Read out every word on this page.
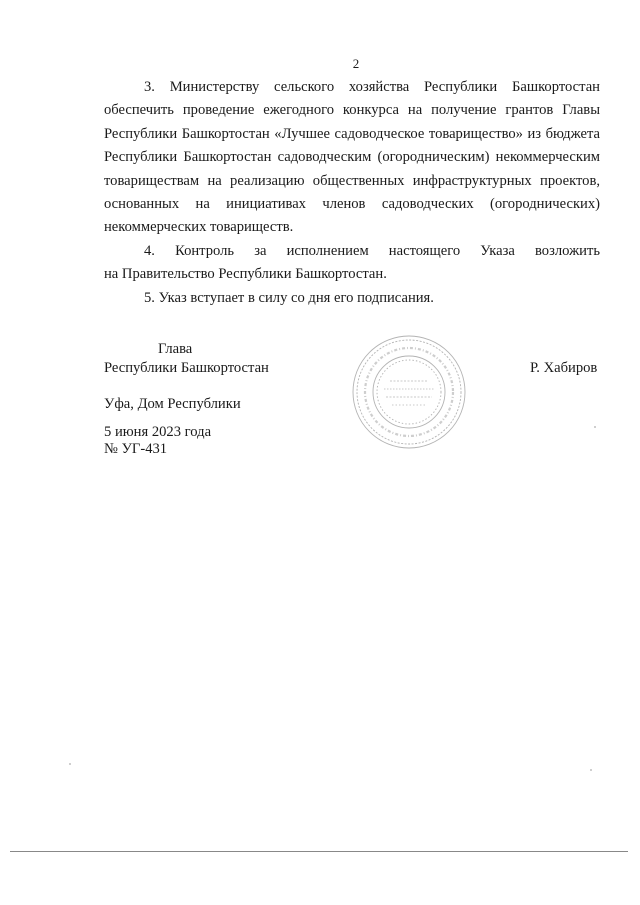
2

3. Министерству сельского хозяйства Республики Башкортостан
обеспечить проведение ежегодного конкурса на получение грантов Главы
Республики Башкортостан «Лучшее садоводческое товарищество» из бюджета
Республики Башкортостан садоводческим (огородническим) некоммерческим
товариществам на реализацию общественных инфраструктурных проектов,
основанных на инициативах членов садоводческих (огороднических)
некоммерческих товариществ.

4. Контроль за исполнением настоящего Указа возложить
на Правительство Республики Башкортостан.

5. Указ вступает в силу со дня его подписания.

Глава
Республики Башкортостан	Р. Хабиров
Уфа, Дом Республики
5 июня 2023 года
№ УГ-431
